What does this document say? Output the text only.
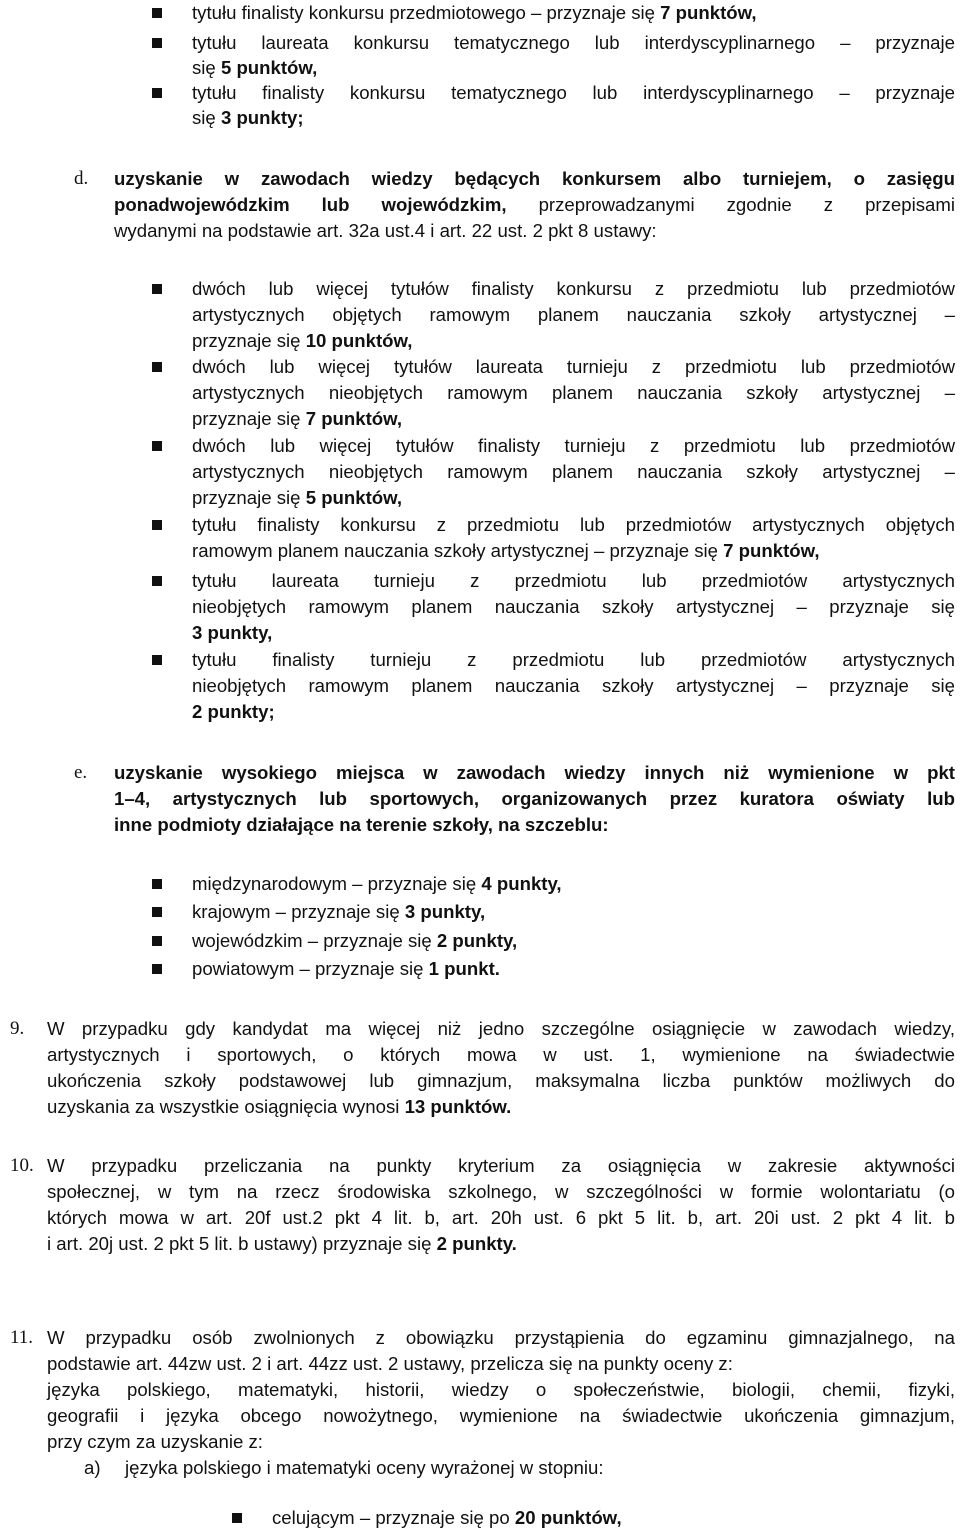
tytułu finalisty konkursu przedmiotowego – przyznaje się 7 punktów,
tytułu laureata konkursu tematycznego lub interdyscyplinarnego – przyznaje
się 5 punktów,
tytułu finalisty konkursu tematycznego lub interdyscyplinarnego – przyznaje
się 3 punkty;
d. uzyskanie w zawodach wiedzy będących konkursem albo turniejem, o zasięgu
ponadwojewódzkim lub wojewódzkim, przeprowadzanymi zgodnie z przepisami
wydanymi na podstawie art. 32a ust.4 i art. 22 ust. 2 pkt 8 ustawy:
dwóch lub więcej tytułów finalisty konkursu z przedmiotu lub przedmiotów
artystycznych objętych ramowym planem nauczania szkoły artystycznej –
przyznaje się 10 punktów,
dwóch lub więcej tytułów laureata turnieju z przedmiotu lub przedmiotów
artystycznych nieobjętych ramowym planem nauczania szkoły artystycznej –
przyznaje się 7 punktów,
dwóch lub więcej tytułów finalisty turnieju z przedmiotu lub przedmiotów
artystycznych nieobjętych ramowym planem nauczania szkoły artystycznej –
przyznaje się 5 punktów,
tytułu finalisty konkursu z przedmiotu lub przedmiotów artystycznych objętych
ramowym planem nauczania szkoły artystycznej – przyznaje się 7 punktów,
tytułu laureata turnieju z przedmiotu lub przedmiotów artystycznych
nieobjętych ramowym planem nauczania szkoły artystycznej – przyznaje się
3 punkty,
tytułu finalisty turnieju z przedmiotu lub przedmiotów artystycznych
nieobjętych ramowym planem nauczania szkoły artystycznej – przyznaje się
2 punkty;
e. uzyskanie wysokiego miejsca w zawodach wiedzy innych niż wymienione w pkt
1–4, artystycznych lub sportowych, organizowanych przez kuratora oświaty lub
inne podmioty działające na terenie szkoły, na szczeblu:
międzynarodowym – przyznaje się 4 punkty,
krajowym – przyznaje się 3 punkty,
wojewódzkim – przyznaje się 2 punkty,
powiatowym – przyznaje się 1 punkt.
9. W przypadku gdy kandydat ma więcej niż jedno szczególne osiągnięcie w zawodach wiedzy,
artystycznych i sportowych, o których mowa w ust. 1, wymienione na świadectwie
ukończenia szkoły podstawowej lub gimnazjum, maksymalna liczba punktów możliwych do
uzyskania za wszystkie osiągnięcia wynosi 13 punktów.
10. W przypadku przeliczania na punkty kryterium za osiągnięcia w zakresie aktywności
społecznej, w tym na rzecz środowiska szkolnego, w szczególności w formie wolontariatu (o
których mowa w art. 20f ust.2 pkt 4 lit. b, art. 20h ust. 6 pkt 5 lit. b, art. 20i ust. 2 pkt 4 lit. b
i art. 20j ust. 2 pkt 5 lit. b ustawy) przyznaje się 2 punkty.
11. W przypadku osób zwolnionych z obowiązku przystąpienia do egzaminu gimnazjalnego, na
podstawie art. 44zw ust. 2 i art. 44zz ust. 2 ustawy, przelicza się na punkty oceny z:
języka polskiego, matematyki, historii, wiedzy o społeczeństwie, biologii, chemii, fizyki,
geografii i języka obcego nowożytnego, wymienione na świadectwie ukończenia gimnazjum,
przy czym za uzyskanie z:
a) języka polskiego i matematyki oceny wyrażonej w stopniu:
celującym – przyznaje się po 20 punktów,
